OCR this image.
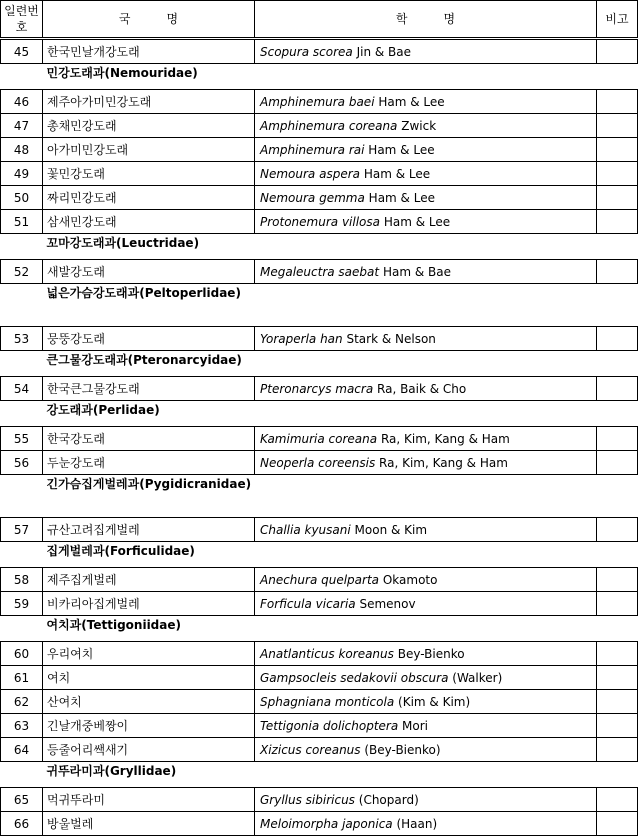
일련번호	국 명	학 명	비고
45	한국민날개강도래	Scopura scorea Jin & Bae	
	민강도래과(Nemouridae)		
46	제주아가미민강도래	Amphinemura baei Ham & Lee	
47	총채민강도래	Amphinemura coreana Zwick	
48	아가미민강도래	Amphinemura rai Ham & Lee	
49	꽃민강도래	Nemoura aspera Ham & Lee	
50	짜리민강도래	Nemoura gemma Ham & Lee	
51	삼새민강도래	Protonemura villosa Ham & Lee	
	꼬마강도래과(Leuctridae)		
52	새발강도래	Megaleuctra saebat Ham & Bae	
	넓은가슴강도래과(Peltoperlidae)		
53	뭉뚱강도래	Yoraperla han Stark & Nelson	
	큰그물강도래과(Pteronarcyidae)		
54	한국큰그물강도래	Pteronarcys macra Ra, Baik & Cho	
	강도래과(Perlidae)		
55	한국강도래	Kamimuria coreana Ra, Kim, Kang & Ham	
56	두눈강도래	Neoperla coreensis Ra, Kim, Kang & Ham	
	긴가슴집게벌레과(Pygidicranidae)		
57	규산고려집게벌레	Challia kyusani Moon & Kim	
	집게벌레과(Forficulidae)		
58	제주집게벌레	Anechura quelparta Okamoto	
59	비카리아집게벌레	Forficula vicaria Semenov	
	여치과(Tettigoniidae)		
60	우리여치	Anatlanticus koreanus Bey-Bienko	
61	여치	Gampsocleis sedakovii obscura (Walker)	
62	산여치	Sphagniana monticola (Kim & Kim)	
63	긴날개중베짱이	Tettigonia dolichoptera Mori	
64	등줄어리쌕새기	Xizicus coreanus (Bey-Bienko)	
	귀뚜라미과(Gryllidae)		
65	먹귀뚜라미	Gryllus sibiricus (Chopard)	
66	방울벌레	Meloimorpha japonica (Haan)	
